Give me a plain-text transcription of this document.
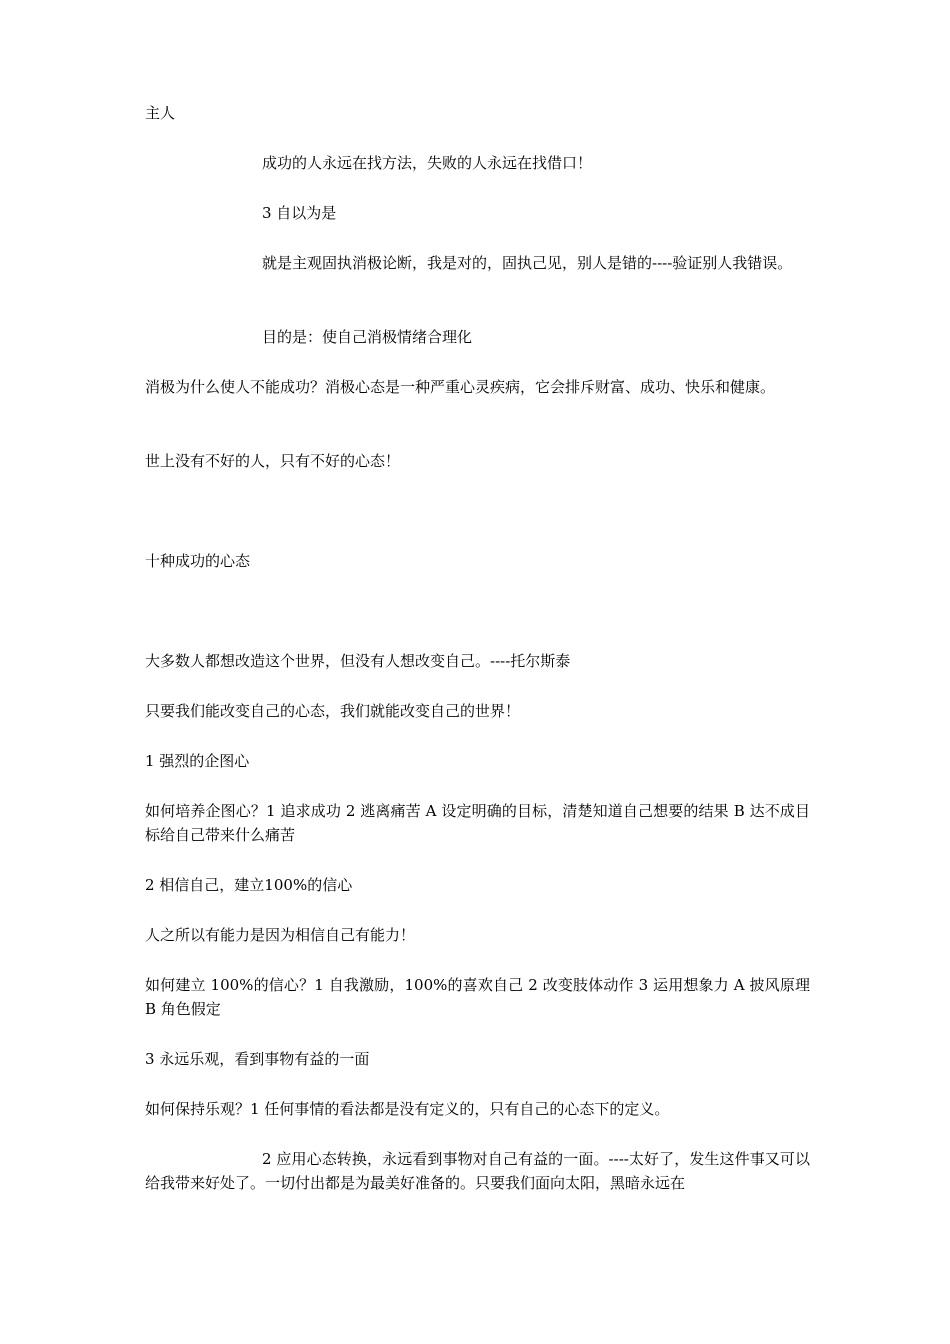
主人

成功的人永远在找方法，失败的人永远在找借口！

3 自以为是

就是主观固执消极论断，我是对的，固执己见，别人是错的----验证别人我错误。

目的是：使自己消极情绪合理化

消极为什么使人不能成功？消极心态是一种严重心灵疾病，它会排斥财富、成功、快乐和健康。

世上没有不好的人，只有不好的心态！

十种成功的心态

大多数人都想改造这个世界，但没有人想改变自己。----托尔斯泰

只要我们能改变自己的心态，我们就能改变自己的世界！

1 强烈的企图心

如何培养企图心？1 追求成功 2 逃离痛苦 A 设定明确的目标，清楚知道自己想要的结果 B 达不成目标给自己带来什么痛苦

2 相信自己，建立100%的信心

人之所以有能力是因为相信自己有能力！

如何建立 100%的信心？1 自我激励，100%的喜欢自己 2 改变肢体动作 3 运用想象力 A 披风原理 B 角色假定

3 永远乐观，看到事物有益的一面

如何保持乐观？1 任何事情的看法都是没有定义的，只有自己的心态下的定义。

2 应用心态转换，永远看到事物对自己有益的一面。----太好了，发生这件事又可以给我带来好处了。一切付出都是为最美好准备的。只要我们面向太阳，黑暗永远在
